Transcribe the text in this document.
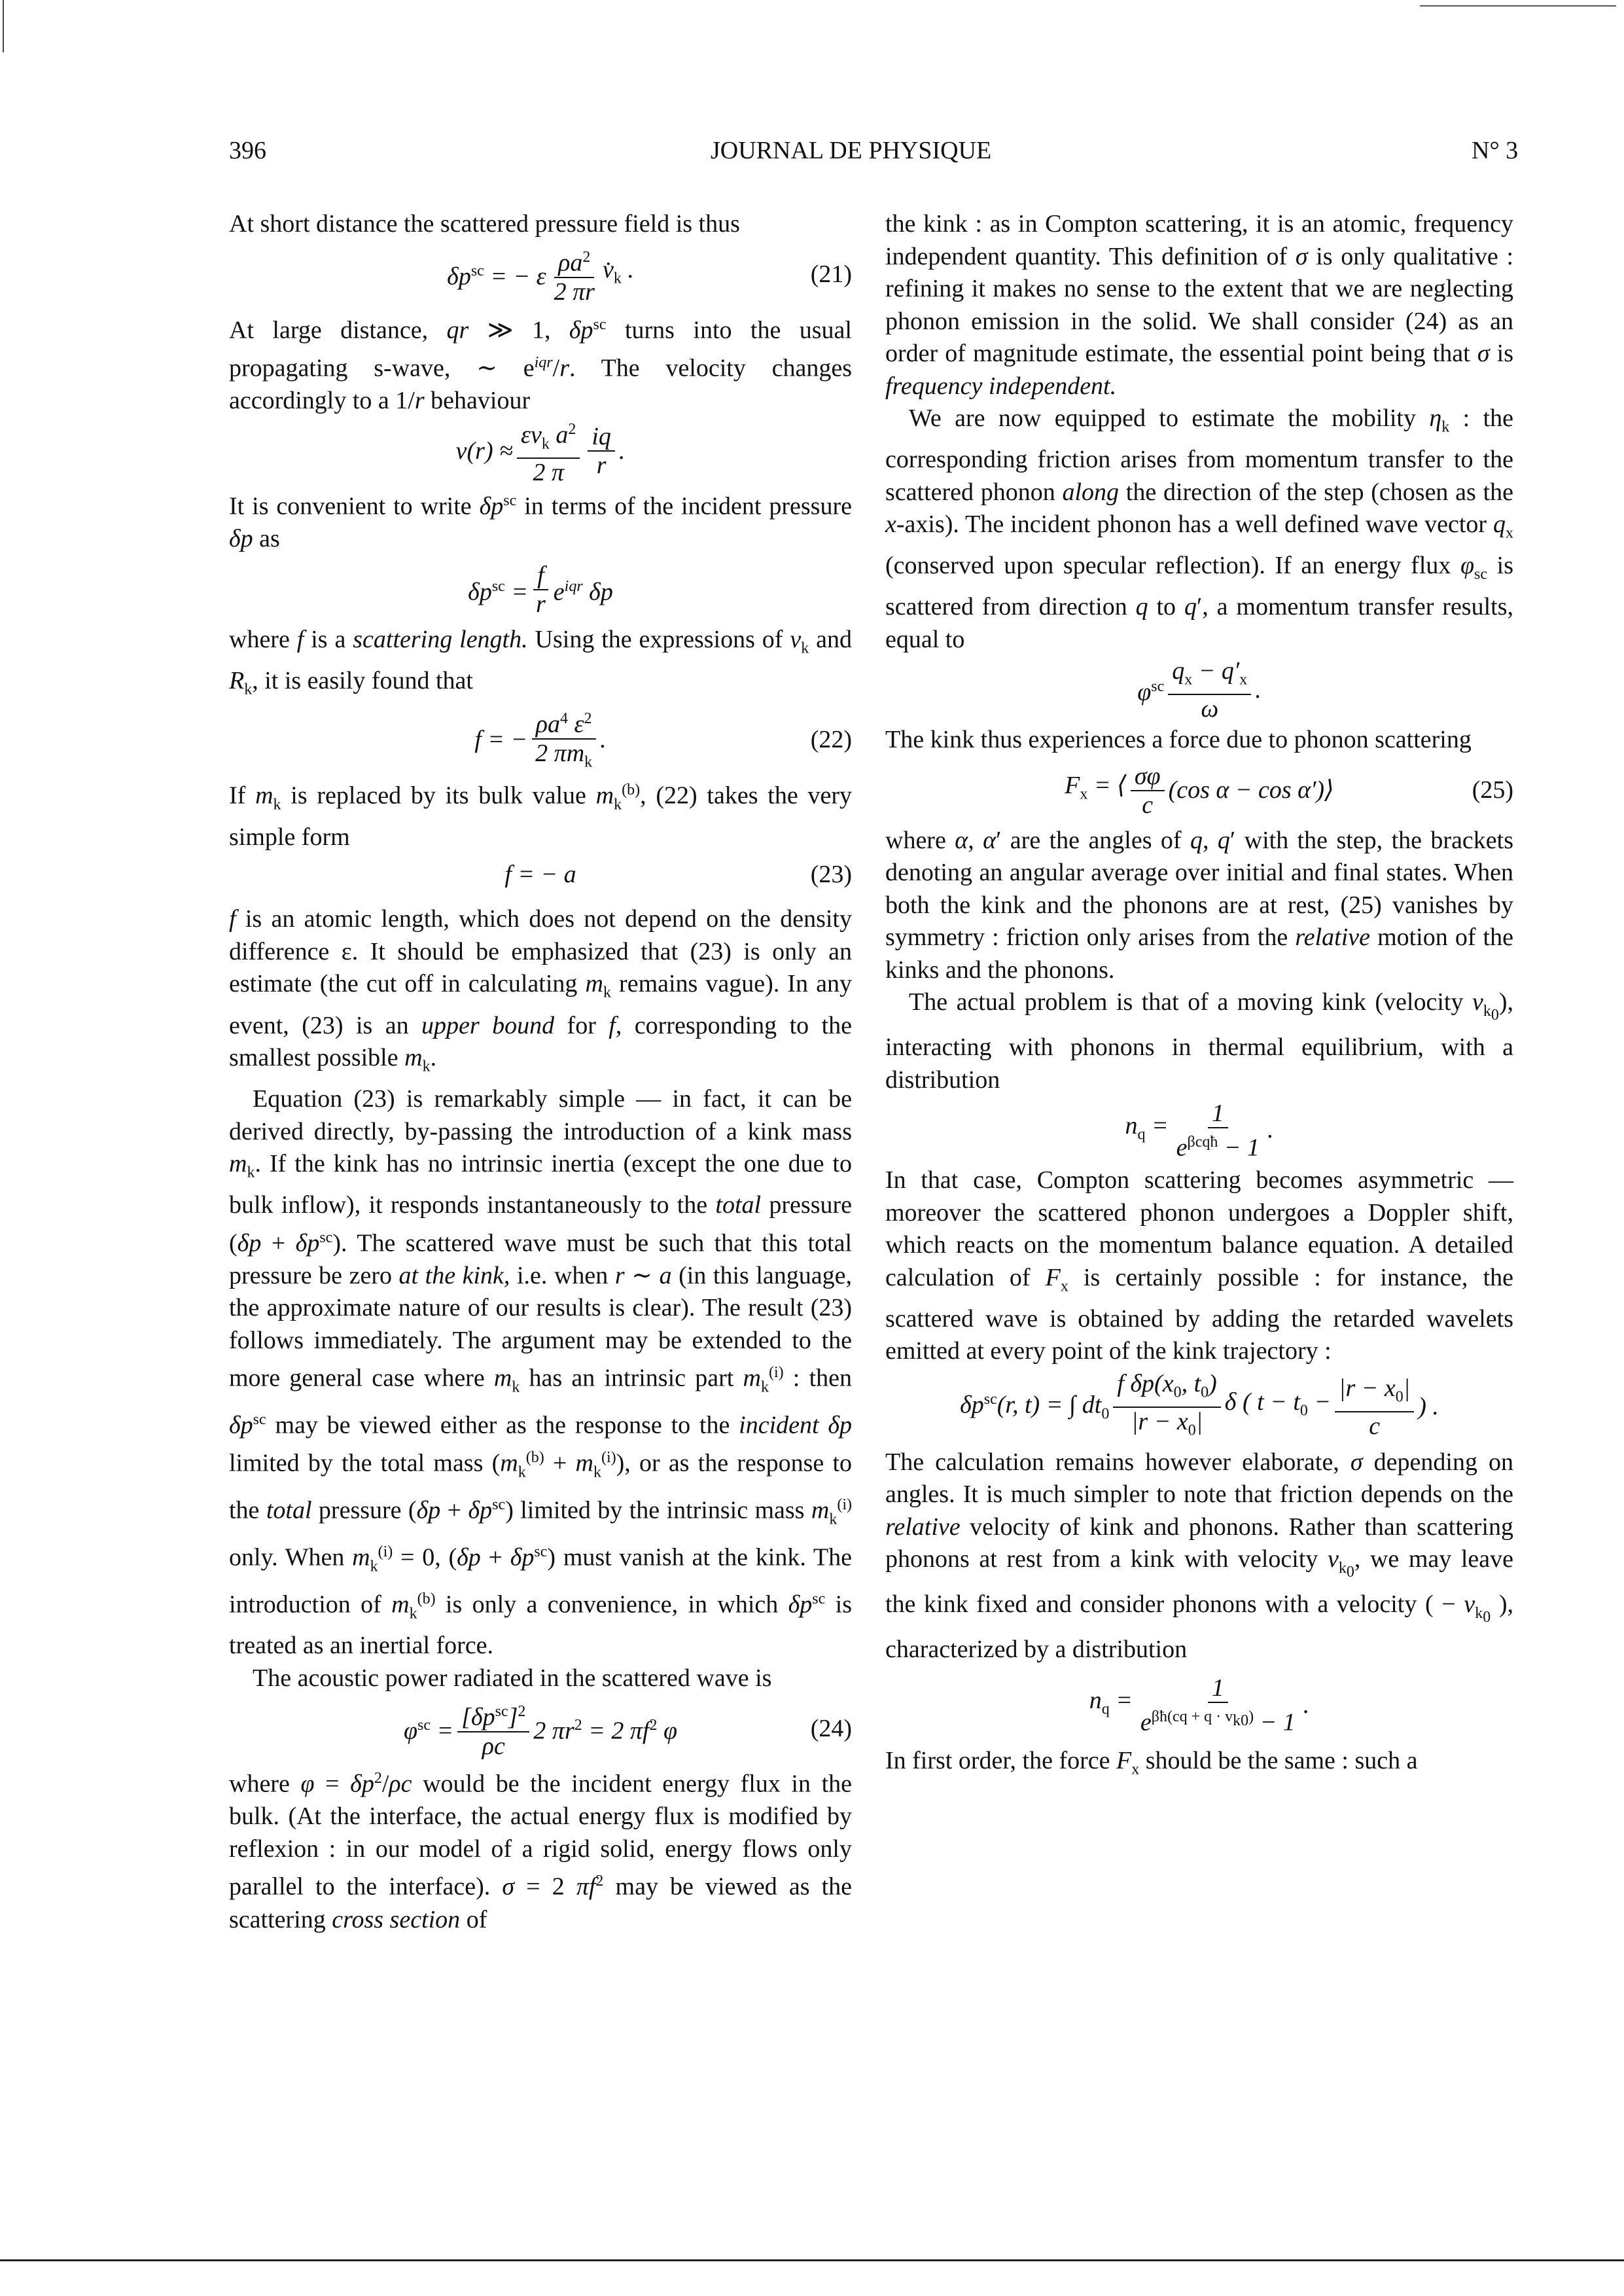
396	JOURNAL DE PHYSIQUE	N° 3

At short distance the scattered pressure field is thus

$\delta p^{sc}$ = − ε $\frac{\rho a^2}{2 \pi r}$ $v̇_k$ .	(21)

At large distance, qr ≫ 1, $\delta p^{sc}$ turns into the usual propagating s-wave, ∼ $e^{iqr}/r$. The velocity changes accordingly to a 1/r behaviour

$v(r) \approx \frac{\varepsilon v_k a^2}{2 \pi} \frac{iq}{r}$ .

It is convenient to write $\delta p^{sc}$ in terms of the incident pressure δp as

$\delta p^{sc} = \frac{f}{r} e^{iqr}$ δp

where f is a scattering length. Using the expressions of $v_k$ and $R_k$, it is easily found that

f = − $\frac{\rho a^4 \varepsilon^2}{2 \pi m_k}$ .	(22)

If $m_k$ is replaced by its bulk value $m_k^{(b)}$, (22) takes the very simple form

f = − a	(23)

f is an atomic length, which does not depend on the density difference ε. It should be emphasized that (23) is only an estimate (the cut off in calculating $m_k$ remains vague). In any event, (23) is an upper bound for f, corresponding to the smallest possible $m_k$.

Equation (23) is remarkably simple — in fact, it can be derived directly, by-passing the introduction of a kink mass $m_k$. If the kink has no intrinsic inertia (except the one due to bulk inflow), it responds instantaneously to the total pressure $(\delta p + \delta p^{sc})$. The scattered wave must be such that this total pressure be zero at the kink, i.e. when r ∼ a (in this language, the approximate nature of our results is clear). The result (23) follows immediately. The argument may be extended to the more general case where $m_k$ has an intrinsic part $m_k^{(i)}$ : then $\delta p^{sc}$ may be viewed either as the response to the incident δp limited by the total mass $(m_k^{(b)} + m_k^{(i)})$, or as the response to the total pressure $(\delta p + \delta p^{sc})$ limited by the intrinsic mass $m_k^{(i)}$ only. When $m_k^{(i)} = 0$, $(\delta p + \delta p^{sc})$ must vanish at the kink. The introduction of $m_k^{(b)}$ is only a convenience, in which $\delta p^{sc}$ is treated as an inertial force.

The acoustic power radiated in the scattered wave is

$\varphi^{sc} = \frac{[\delta p^{sc}]^2}{\rho c} 2$ $\pi r^2 = 2$ $\pi f^2$ φ	(24)

where $\varphi = \delta p^2/\rho c$ would be the incident energy flux in the bulk. (At the interface, the actual energy flux is modified by reflexion : in our model of a rigid solid, energy flows only parallel to the interface). σ = 2 $\pi f^2$ may be viewed as the scattering cross section of

the kink : as in Compton scattering, it is an atomic, frequency independent quantity. This definition of σ is only qualitative : refining it makes no sense to the extent that we are neglecting phonon emission in the solid. We shall consider (24) as an order of magnitude estimate, the essential point being that σ is frequency independent.

We are now equipped to estimate the mobility $\eta_k$ : the corresponding friction arises from momentum transfer to the scattered phonon along the direction of the step (chosen as the x-axis). The incident phonon has a well defined wave vector $q_x$ (conserved upon specular reflection). If an energy flux $\varphi_{sc}$ is scattered from direction q to q′, a momentum transfer results, equal to

$\varphi^{sc} \frac{q_x - q'_x}{\omega}$ .

The kink thus experiences a force due to phonon scattering

$F_x$ = ⟨ $\frac{\sigma\varphi}{c} (\cos$ α − cos α′)⟩	(25)

where α, α′ are the angles of q, q′ with the step, the brackets denoting an angular average over initial and final states. When both the kink and the phonons are at rest, (25) vanishes by symmetry : friction only arises from the relative motion of the kinks and the phonons.

The actual problem is that of a moving kink (velocity $v_{k_0}$), interacting with phonons in thermal equilibrium, with a distribution

$n_q = \frac{1}{e^{\beta cqħ} - 1}$ .

In that case, Compton scattering becomes asymmetric — moreover the scattered phonon undergoes a Doppler shift, which reacts on the momentum balance equation. A detailed calculation of $F_x$ is certainly possible : for instance, the scattered wave is obtained by adding the retarded wavelets emitted at every point of the kink trajectory :

$\delta p^{sc}(r$, t) = ∫ $dt_0 \frac{f \delta p(x_0, t_0)}{|r - x_0|}$ δ ( $t - t_0 - \frac{|r - x_0|}{c}$ ) .

The calculation remains however elaborate, σ depending on angles. It is much simpler to note that friction depends on the relative velocity of kink and phonons. Rather than scattering phonons at rest from a kink with velocity $v_{k_0}$, we may leave the kink fixed and consider phonons with a velocity ( − $v_{k_0}$ ), characterized by a distribution

$n_q = \frac{1}{e^{\beta ħ(cq + q \cdot v_{k0})} - 1}$ .

In first order, the force $F_x$ should be the same : such a
